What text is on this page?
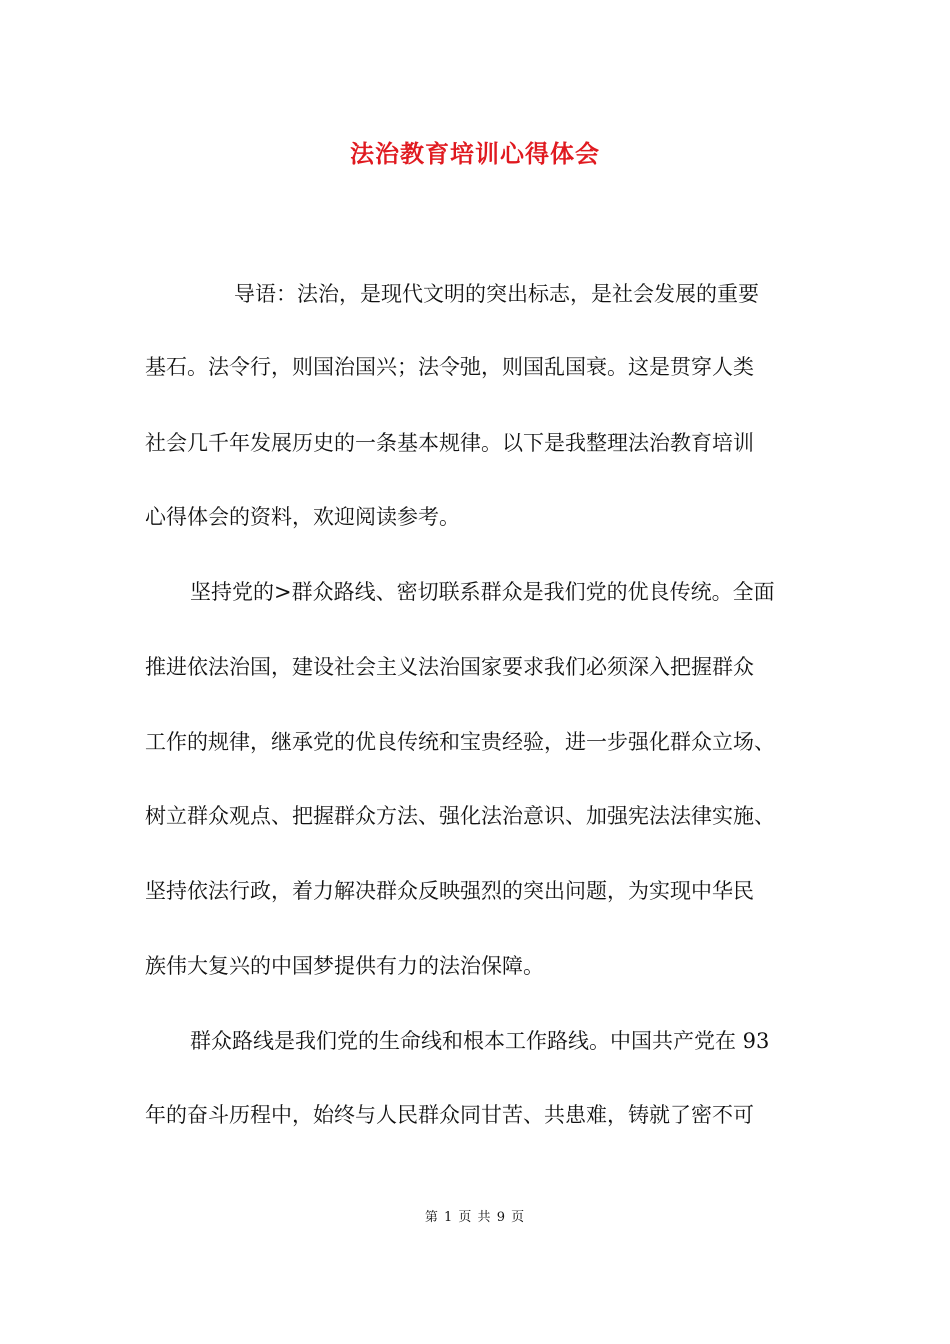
法治教育培训心得体会
导语：法治，是现代文明的突出标志，是社会发展的重要
基石。法令行，则国治国兴；法令弛，则国乱国衰。这是贯穿人类
社会几千年发展历史的一条基本规律。以下是我整理法治教育培训
心得体会的资料，欢迎阅读参考。
坚持党的>群众路线、密切联系群众是我们党的优良传统。全面
推进依法治国，建设社会主义法治国家要求我们必须深入把握群众
工作的规律，继承党的优良传统和宝贵经验，进一步强化群众立场、
树立群众观点、把握群众方法、强化法治意识、加强宪法法律实施、
坚持依法行政，着力解决群众反映强烈的突出问题，为实现中华民
族伟大复兴的中国梦提供有力的法治保障。
群众路线是我们党的生命线和根本工作路线。中国共产党在 93
年的奋斗历程中，始终与人民群众同甘苦、共患难，铸就了密不可
第 1 页 共 9 页
